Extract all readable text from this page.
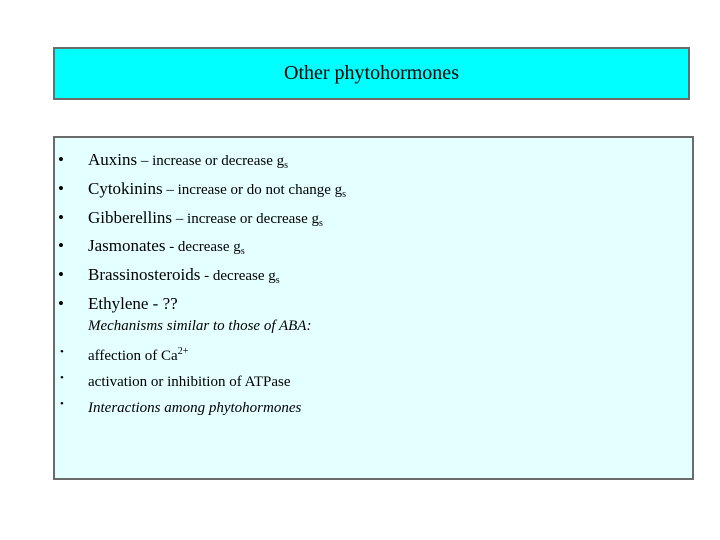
Other phytohormones
• Auxins – increase or decrease $g_s$
• Cytokinins – increase or do not change $g_s$
• Gibberellins – increase or decrease $g_s$
• Jasmonates - decrease $g_s$
• Brassinosteroids - decrease $g_s$
• Ethylene - ??
Mechanisms similar to those of ABA:
• affection of $Ca^{2+}$
• activation or inhibition of ATPase
• Interactions among phytohormones
